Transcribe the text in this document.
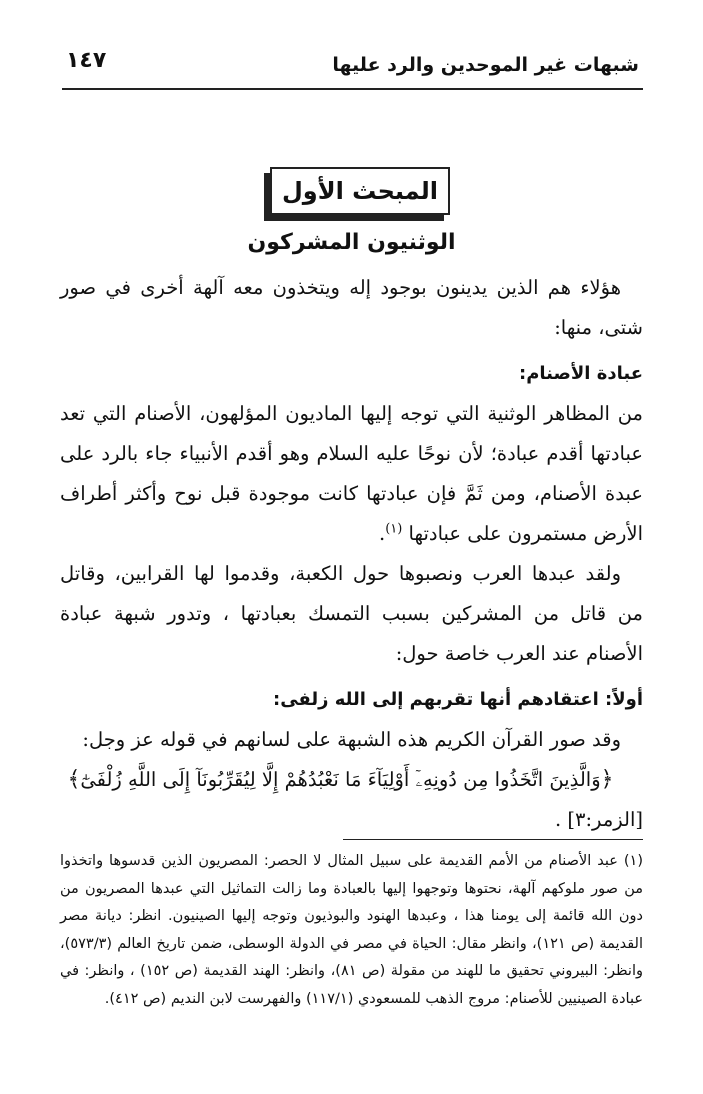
شبهات غير الموحدين والرد عليها
١٤٧
المبحث الأول
الوثنيون المشركون

هؤلاء هم الذين يدينون بوجود إله ويتخذون معه آلهة أخرى في صور شتى، منها:

عبادة الأصنام:

من المظاهر الوثنية التي توجه إليها الماديون المؤلهون، الأصنام التي تعد عبادتها أقدم عبادة؛ لأن نوحًا عليه السلام وهو أقدم الأنبياء جاء بالرد على عبدة الأصنام، ومن ثَمَّ فإن عبادتها كانت موجودة قبل نوح وأكثر أطراف الأرض مستمرون على عبادتها $^{(١)}$.

ولقد عبدها العرب ونصبوها حول الكعبة، وقدموا لها القرابين، وقاتل من قاتل من المشركين بسبب التمسك بعبادتها ، وتدور شبهة عبادة الأصنام عند العرب خاصة حول:

أولاً: اعتقادهم أنها تقربهم إلى الله زلفى:

وقد صور القرآن الكريم هذه الشبهة على لسانهم في قوله عز وجل:

﴿وَالَّذِينَ اتَّخَذُوا مِن دُونِهِۦٓ أَوْلِيَآءَ مَا نَعْبُدُهُمْ إِلَّا لِيُقَرِّبُونَآ إِلَى اللَّهِ زُلْفَىٰٓ﴾

[الزمر:٣] .

(١) عبد الأصنام من الأمم القديمة على سبيل المثال لا الحصر: المصريون الذين قدسوها واتخذوا من صور ملوكهم آلهة، نحتوها وتوجهوا إليها بالعبادة وما زالت التماثيل التي عبدها المصريون من دون الله قائمة إلى يومنا هذا ، وعبدها الهنود والبوذيون وتوجه إليها الصينيون. انظر: ديانة مصر القديمة (ص ١٢١)، وانظر مقال: الحياة في مصر في الدولة الوسطى، ضمن تاريخ العالم (٥٧٣/٣)، وانظر: البيروني تحقيق ما للهند من مقولة (ص ٨١)، وانظر: الهند القديمة (ص ١٥٢) ، وانظر: في عبادة الصينيين للأصنام: مروج الذهب للمسعودي (١١٧/١) والفهرست لابن النديم (ص ٤١٢).
